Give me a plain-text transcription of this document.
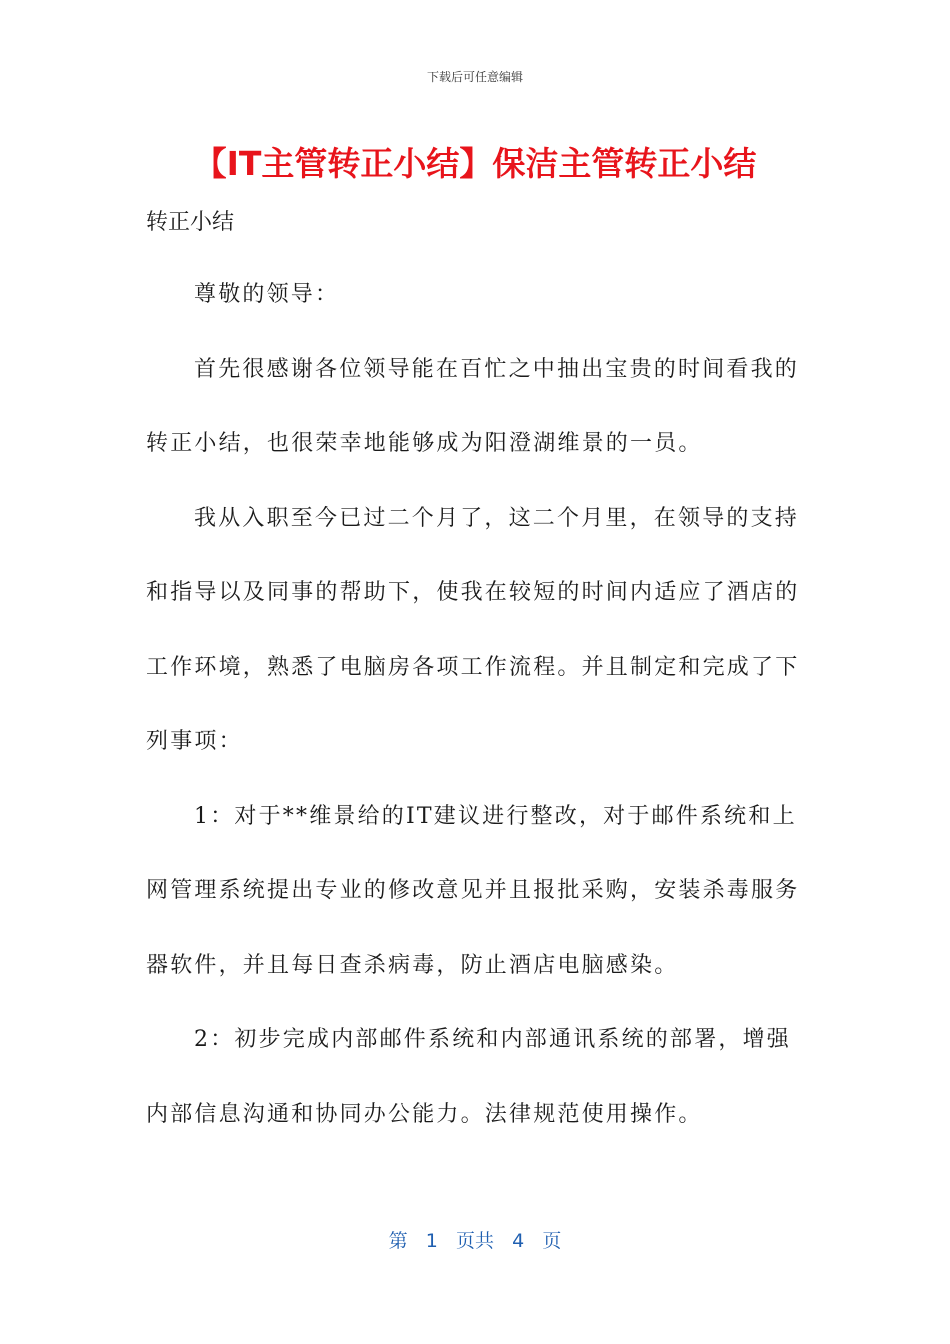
下载后可任意编辑
【IT主管转正小结】保洁主管转正小结

转正小结

尊敬的领导：

首先很感谢各位领导能在百忙之中抽出宝贵的时间看我的转正小结，也很荣幸地能够成为阳澄湖维景的一员。

我从入职至今已过二个月了，这二个月里，在领导的支持和指导以及同事的帮助下，使我在较短的时间内适应了酒店的工作环境，熟悉了电脑房各项工作流程。并且制定和完成了下列事项：

1：对于**维景给的IT建议进行整改，对于邮件系统和上网管理系统提出专业的修改意见并且报批采购，安装杀毒服务器软件，并且每日查杀病毒，防止酒店电脑感染。

2：初步完成内部邮件系统和内部通讯系统的部署，增强内部信息沟通和协同办公能力。法律规范使用操作。

第 1 页共 4 页
